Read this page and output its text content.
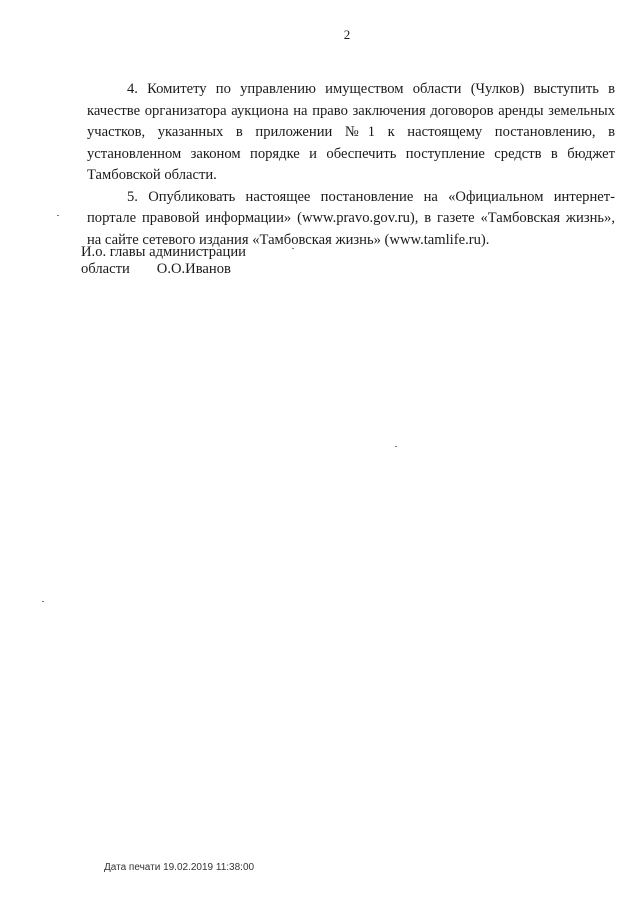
2

4. Комитету по управлению имуществом области (Чулков) выступить в качестве организатора аукциона на право заключения договоров аренды земельных участков, указанных в приложении №1 к настоящему постановлению, в установленном законом порядке и обеспечить поступление средств в бюджет Тамбовской области.

5. Опубликовать настоящее постановление на «Официальном интернет-портале правовой информации» (www.pravo.gov.ru), в газете «Тамбовская жизнь», на сайте сетевого издания «Тамбовская жизнь» (www.tamlife.ru).

И.о. главы администрации
области О.О.Иванов
Дата печати 19.02.2019 11:38:00
